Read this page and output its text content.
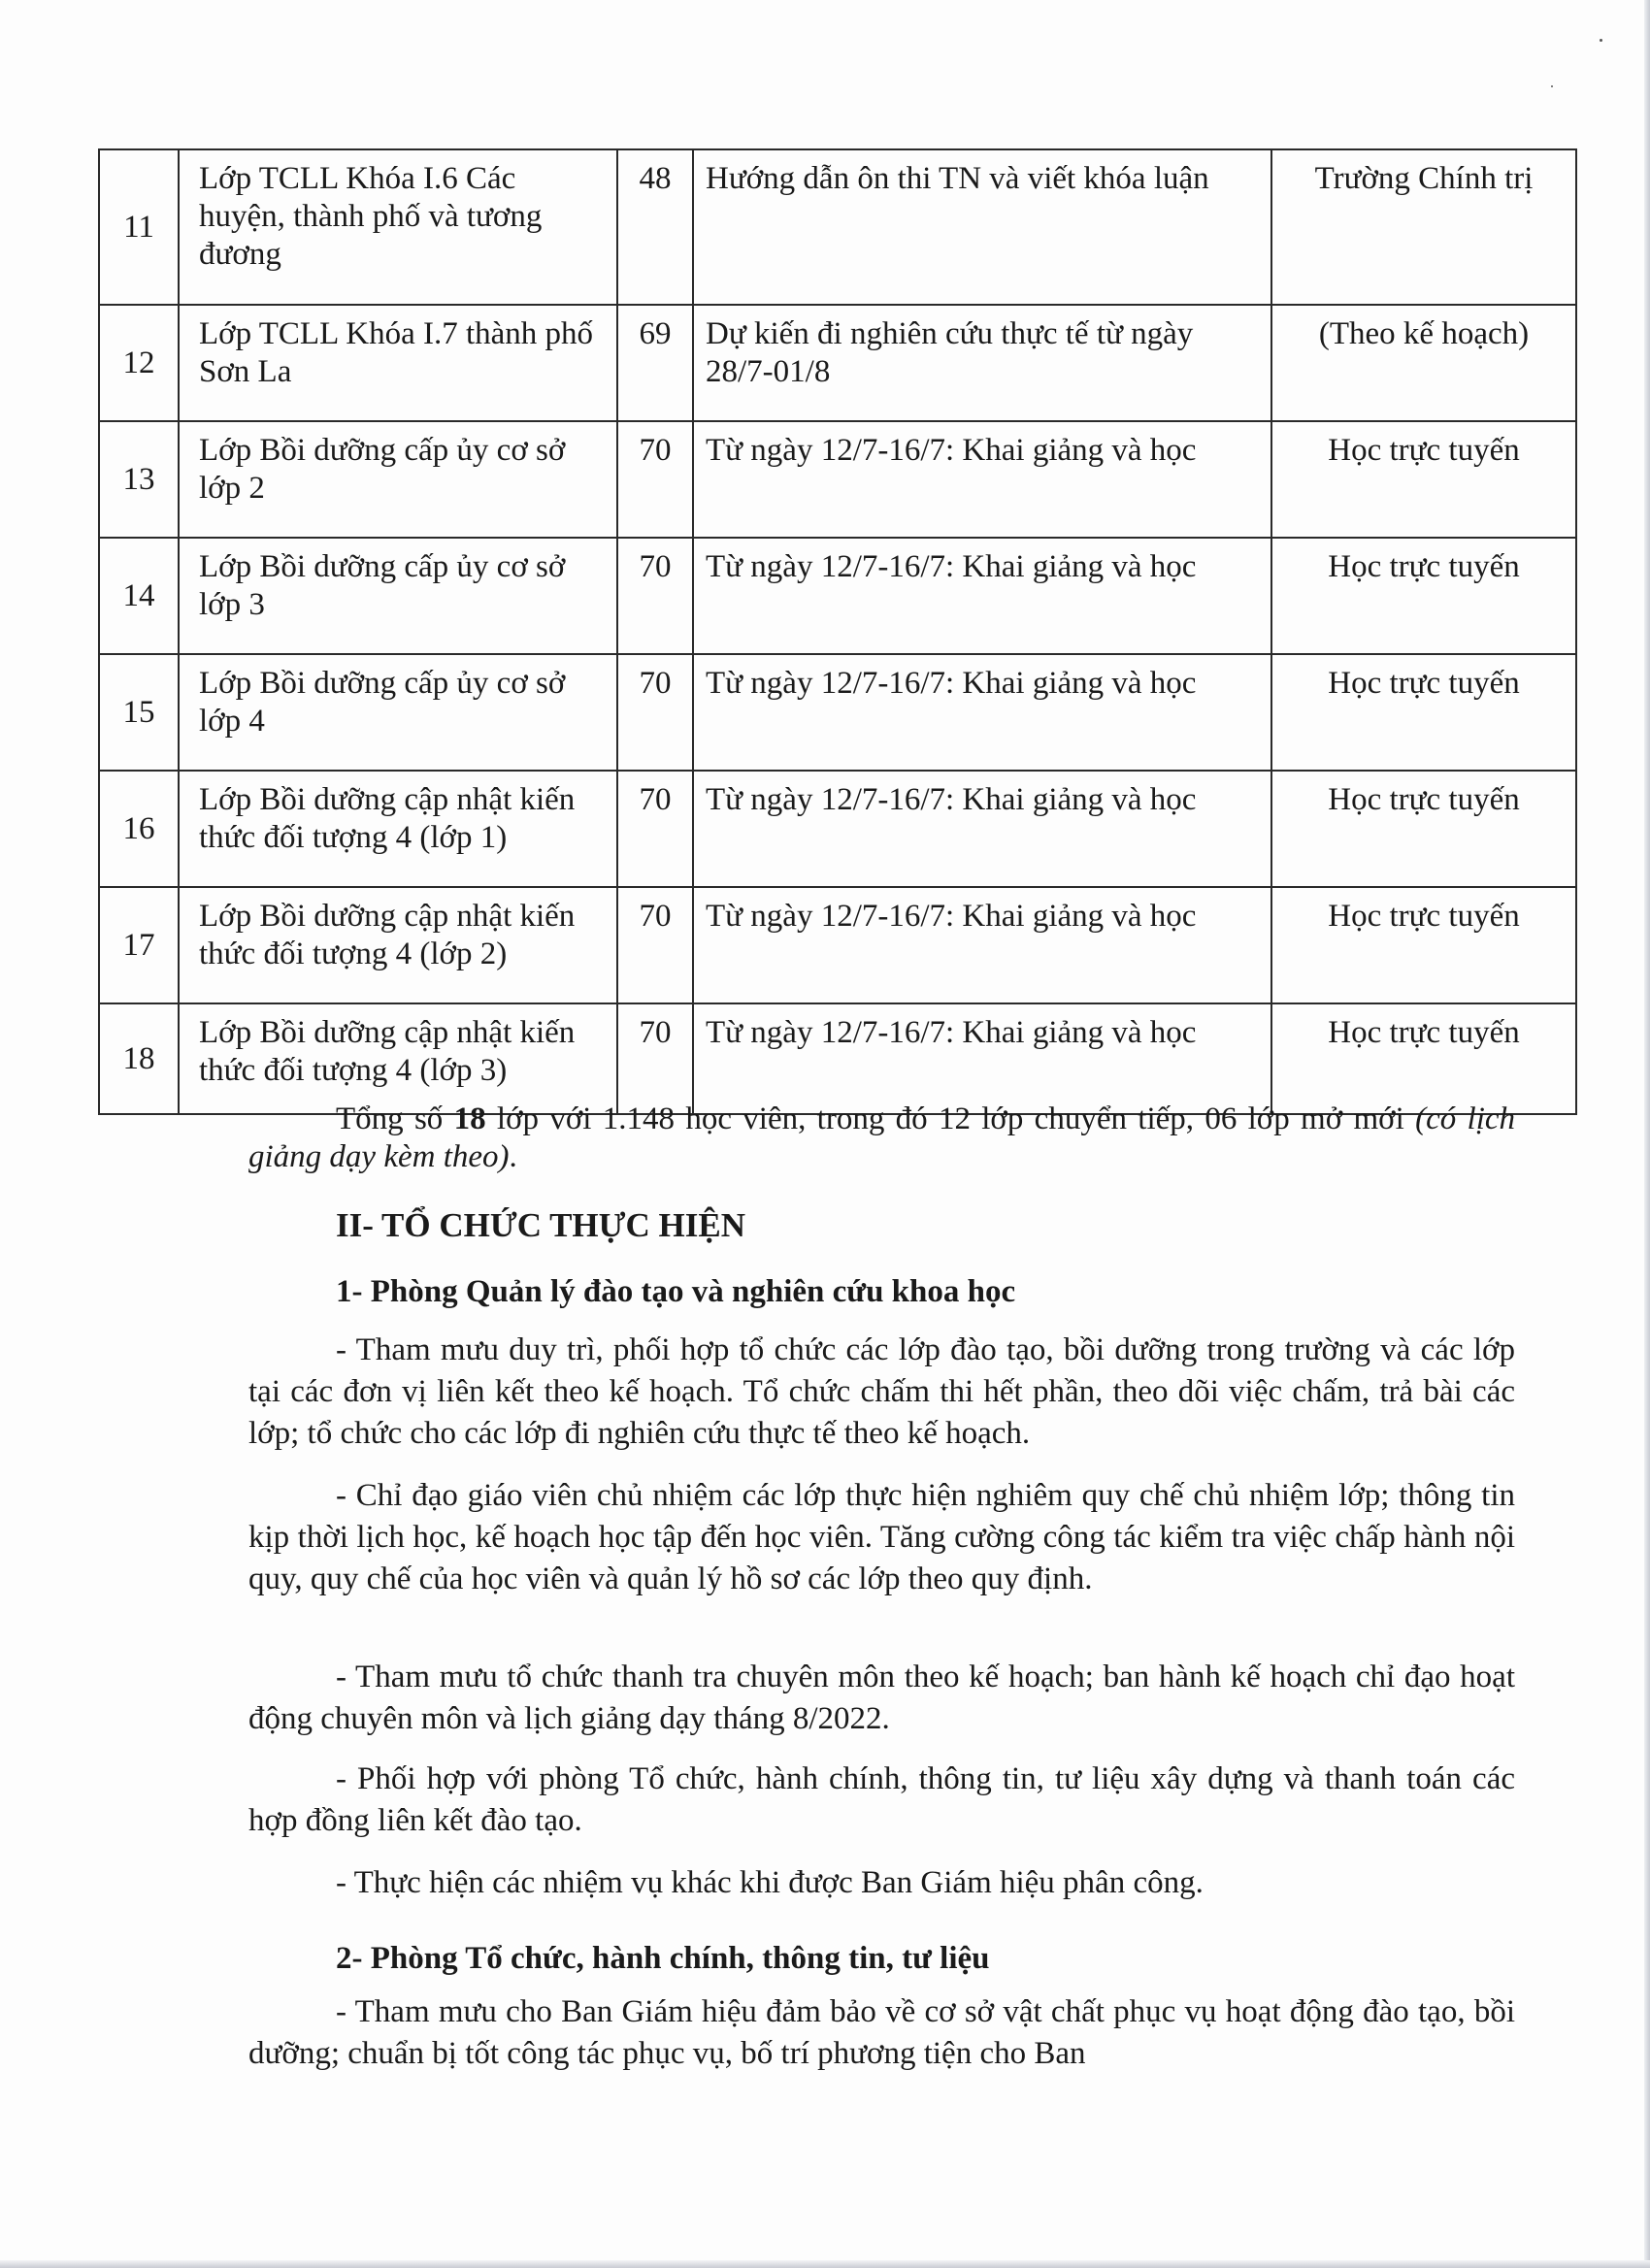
11	Lớp TCLL Khóa I.6 Các huyện, thành phố và tương đương	48	Hướng dẫn ôn thi TN và viết khóa luận	Trường Chính trị
12	Lớp TCLL Khóa I.7 thành phố Sơn La	69	Dự kiến đi nghiên cứu thực tế từ ngày 28/7-01/8	(Theo kế hoạch)
13	Lớp Bồi dưỡng cấp ủy cơ sở lớp 2	70	Từ ngày 12/7-16/7: Khai giảng và học	Học trực tuyến
14	Lớp Bồi dưỡng cấp ủy cơ sở lớp 3	70	Từ ngày 12/7-16/7: Khai giảng và học	Học trực tuyến
15	Lớp Bồi dưỡng cấp ủy cơ sở lớp 4	70	Từ ngày 12/7-16/7: Khai giảng và học	Học trực tuyến
16	Lớp Bồi dưỡng cập nhật kiến thức đối tượng 4 (lớp 1)	70	Từ ngày 12/7-16/7: Khai giảng và học	Học trực tuyến
17	Lớp Bồi dưỡng cập nhật kiến thức đối tượng 4 (lớp 2)	70	Từ ngày 12/7-16/7: Khai giảng và học	Học trực tuyến
18	Lớp Bồi dưỡng cập nhật kiến thức đối tượng 4 (lớp 3)	70	Từ ngày 12/7-16/7: Khai giảng và học	Học trực tuyến

Tổng số 18 lớp với 1.148 học viên, trong đó 12 lớp chuyển tiếp, 06 lớp mở mới (có lịch giảng dạy kèm theo).

II- TỔ CHỨC THỰC HIỆN
1- Phòng Quản lý đào tạo và nghiên cứu khoa học

- Tham mưu duy trì, phối hợp tổ chức các lớp đào tạo, bồi dưỡng trong trường và các lớp tại các đơn vị liên kết theo kế hoạch. Tổ chức chấm thi hết phần, theo dõi việc chấm, trả bài các lớp; tổ chức cho các lớp đi nghiên cứu thực tế theo kế hoạch.

- Chỉ đạo giáo viên chủ nhiệm các lớp thực hiện nghiêm quy chế chủ nhiệm lớp; thông tin kịp thời lịch học, kế hoạch học tập đến học viên. Tăng cường công tác kiểm tra việc chấp hành nội quy, quy chế của học viên và quản lý hồ sơ các lớp theo quy định.

- Tham mưu tổ chức thanh tra chuyên môn theo kế hoạch; ban hành kế hoạch chỉ đạo hoạt động chuyên môn và lịch giảng dạy tháng 8/2022.

- Phối hợp với phòng Tổ chức, hành chính, thông tin, tư liệu xây dựng và thanh toán các hợp đồng liên kết đào tạo.

- Thực hiện các nhiệm vụ khác khi được Ban Giám hiệu phân công.

2- Phòng Tổ chức, hành chính, thông tin, tư liệu

- Tham mưu cho Ban Giám hiệu đảm bảo về cơ sở vật chất phục vụ hoạt động đào tạo, bồi dưỡng; chuẩn bị tốt công tác phục vụ, bố trí phương tiện cho Ban
